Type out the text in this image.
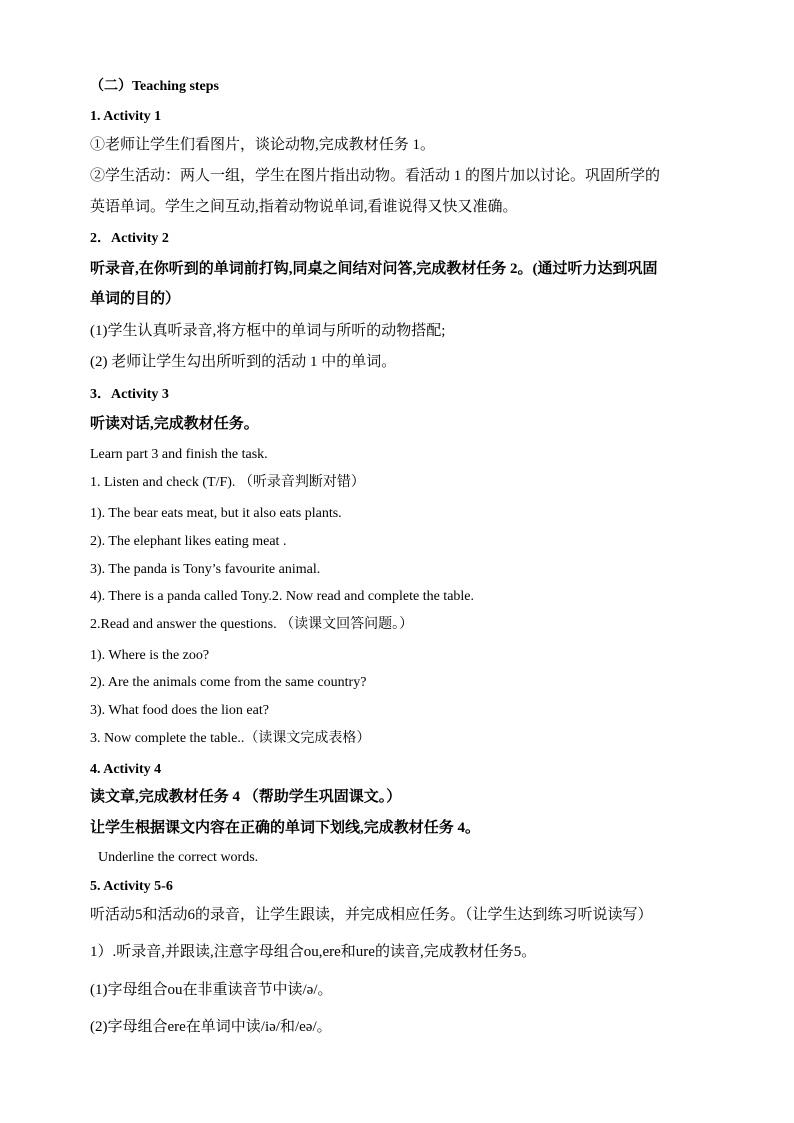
（二）Teaching steps
1. Activity 1
①老师让学生们看图片，谈论动物,完成教材任务 1。
②学生活动：两人一组，学生在图片指出动物。看活动 1 的图片加以讨论。巩固所学的
英语单词。学生之间互动,指着动物说单词,看谁说得又快又准确。
2．Activity 2
听录音,在你听到的单词前打钩,同桌之间结对问答,完成教材任务 2。(通过听力达到巩固
单词的目的）
(1)学生认真听录音,将方框中的单词与所听的动物搭配;
(2) 老师让学生勾出所听到的活动 1 中的单词。
3．Activity 3
听读对话,完成教材任务。
Learn part 3 and finish the task.
1. Listen and check (T/F). （听录音判断对错）
1). The bear eats meat, but it also eats plants.
2). The elephant likes eating meat .
3). The panda is Tony’s favourite animal.
4). There is a panda called Tony.2. Now read and complete the table.
2.Read and answer the questions. （读课文回答问题。）
1). Where is the zoo?
2). Are the animals come from the same country?
3). What food does the lion eat?
3. Now complete the table..（读课文完成表格）
4. Activity 4
读文章,完成教材任务 4 （帮助学生巩固课文。）
让学生根据课文内容在正确的单词下划线,完成教材任务 4。
Underline the correct words.
5. Activity 5-6
听活动5和活动6的录音，让学生跟读，并完成相应任务。（让学生达到练习听说读写）
1）.听录音,并跟读,注意字母组合ou,ere和ure的读音,完成教材任务5。
(1)字母组合ou在非重读音节中读/ə/。
(2)字母组合ere在单词中读/iə/和/eə/。
